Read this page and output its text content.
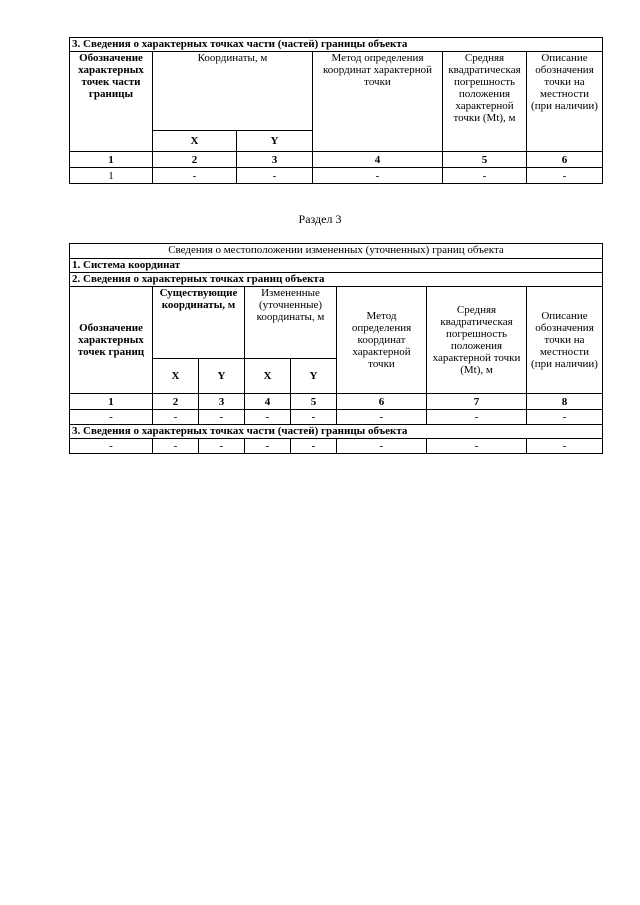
3. Сведения о характерных точках части (частей) границы объекта					
Обозначение характерных точек части границы	Координаты, м		Метод определения координат характерной точки	Средняя квадратическая погрешность положения характерной точки (Mt), м	Описание обозначения точки на местности (при наличии)
	X	Y			
1	2	3	4	5	6
1	-	-	-	-	-
Раздел 3
Сведения о местоположении измененных (уточненных) границ объекта							
1. Система координат							
2. Сведения о характерных точках границ объекта							
Обозначение характерных точек границ	Существующие координаты, м		Измененные (уточненные) координаты, м		Метод определения координат характерной точки	Средняя квадратическая погрешность положения характерной точки (Mt), м	Описание обозначения точки на местности (при наличии)
	X	Y	X	Y			
1	2	3	4	5	6	7	8
-	-	-	-	-	-	-	-
3. Сведения о характерных точках части (частей) границы объекта							
-	-	-	-	-	-	-	-
